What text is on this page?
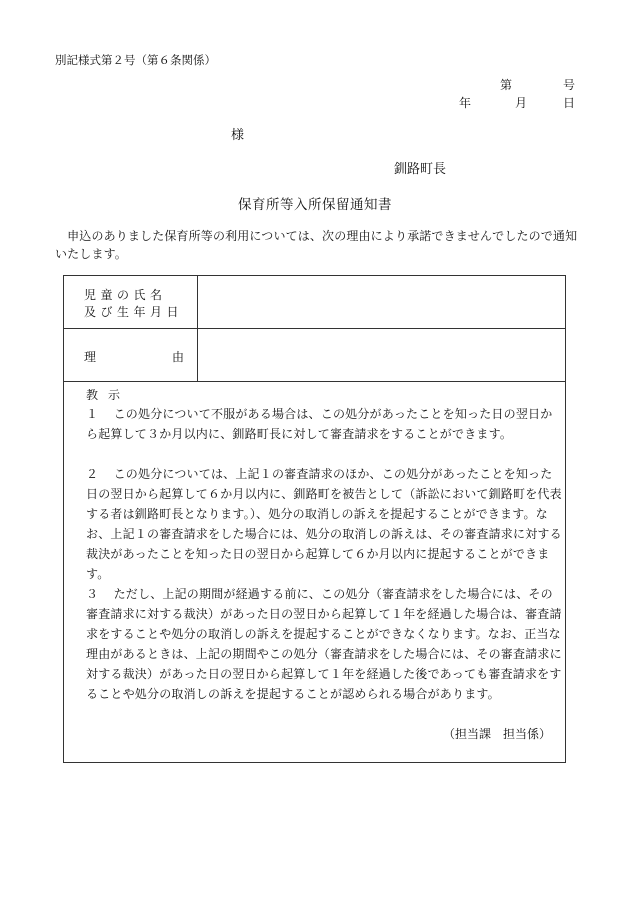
別記様式第２号（第６条関係）
第	号
年	月	日
様
釧路町長
保育所等入所保留通知書
　申込のありました保育所等の利用については、次の理由により承諾できませんでしたので通知いたします。
児童の氏名
及び生年月日
理	由
教示
１	この処分について不服がある場合は、この処分があったことを知った日の翌日から起算して３か月以内に、釧路町長に対して審査請求をすることができます。
２	この処分については、上記１の審査請求のほか、この処分があったことを知った日の翌日から起算して６か月以内に、釧路町を被告として（訴訟において釧路町を代表する者は釧路町長となります。）、処分の取消しの訴えを提起することができます。なお、上記１の審査請求をした場合には、処分の取消しの訴えは、その審査請求に対する裁決があったことを知った日の翌日から起算して６か月以内に提起することができます。
３	ただし、上記の期間が経過する前に、この処分（審査請求をした場合には、その審査請求に対する裁決）があった日の翌日から起算して１年を経過した場合は、審査請求をすることや処分の取消しの訴えを提起することができなくなります。なお、正当な理由があるときは、上記の期間やこの処分（審査請求をした場合には、その審査請求に対する裁決）があった日の翌日から起算して１年を経過した後であっても審査請求をすることや処分の取消しの訴えを提起することが認められる場合があります。
（担当課　担当係）
